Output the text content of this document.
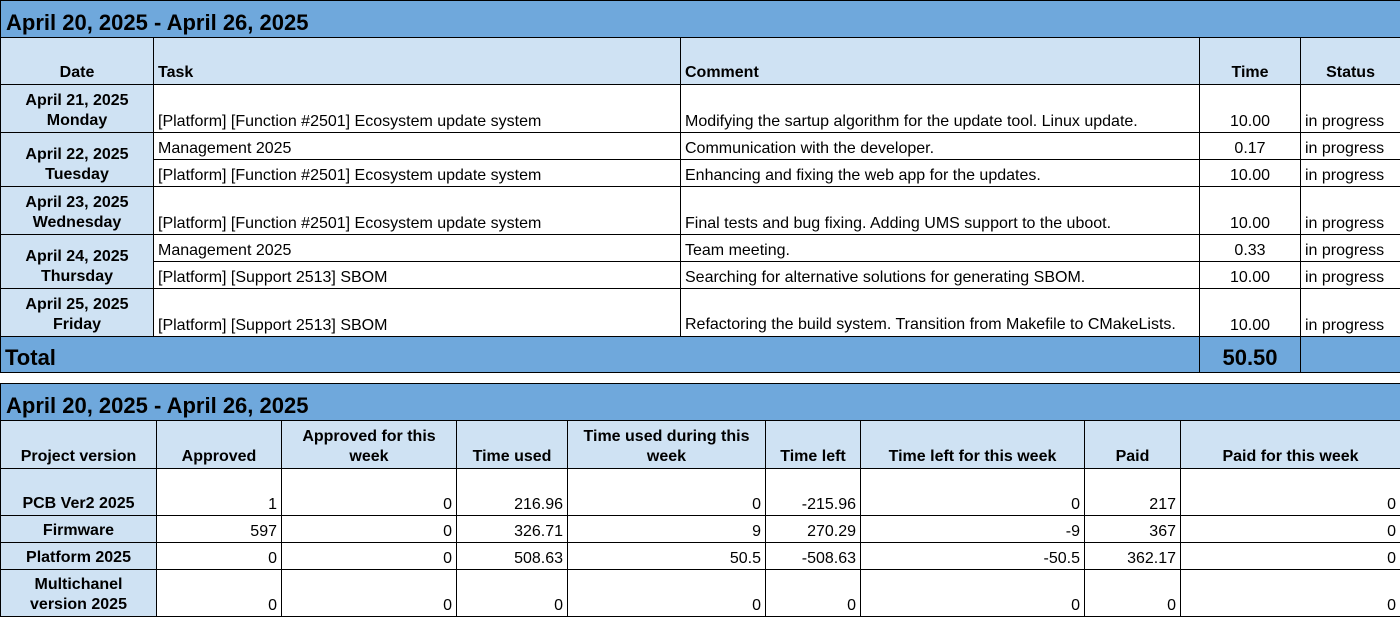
April 20, 2025 - April 26, 2025				
Date	Task	Comment	Time	Status

April 21, 2025
Monday	[Platform] [Function #2501] Ecosystem update system	Modifying the sartup algorithm for the update tool. Linux update.	10.00	in progress

April 22, 2025
Tuesday	Management 2025	Communication with the developer.	0.17	in progress
	[Platform] [Function #2501] Ecosystem update system	Enhancing and fixing the web app for the updates.	10.00	in progress

April 23, 2025
Wednesday	[Platform] [Function #2501] Ecosystem update system	Final tests and bug fixing. Adding UMS support to the uboot.	10.00	in progress

April 24, 2025
Thursday	Management 2025	Team meeting.	0.33	in progress
	[Platform] [Support 2513] SBOM	Searching for alternative solutions for generating SBOM.	10.00	in progress

April 25, 2025
Friday	[Platform] [Support 2513] SBOM	Refactoring the build system. Transition from Makefile to CMakeLists.	10.00	in progress
Total			50.50	
April 20, 2025 - April 26, 2025								
Project version	Approved	Approved for this week	Time used	Time used during this week	Time left	Time left for this week	Paid	Paid for this week
PCB Ver2 2025	1	0	216.96	0	-215.96	0	217	0
Firmware	597	0	326.71	9	270.29	-9	367	0
Platform 2025	0	0	508.63	50.5	-508.63	-50.5	362.17	0
Multichanel version 2025	0	0	0	0	0	0	0	0
